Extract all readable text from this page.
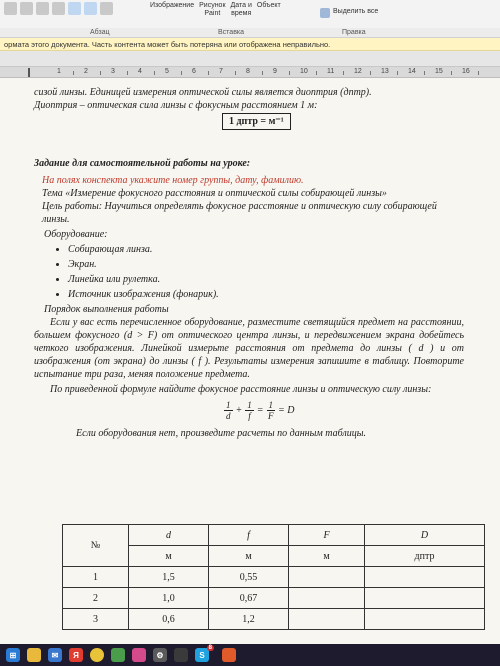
Изображение Рисунок
Paint
Дата и
время
Объект
Выделить все
Абзац	Вставка	Правка
ормата этого документа. Часть контента может быть потеряна или отображена неправильно.
1	2	3	4	5	6	7	8	9	10	11	12	13	14	15	16

сизой линзы. Единицей измерения оптической силы является диоптрия (дптр).

Диоптрия – оптическая сила линзы с фокусным расстоянием 1 м:

1 дптр = м⁻¹

Задание для самостоятельной работы на уроке:

На полях конспекта укажите номер группы, дату, фамилию.

Тема «Измерение фокусного расстояния и оптической силы собирающей линзы»

Цель работы: Научиться определять фокусное расстояние и оптическую силу собирающей линзы.

Оборудование:

• Собирающая линза.
• Экран.
• Линейка или рулетка.
• Источник изображения (фонарик).

Порядок выполнения работы

Если у вас есть перечисленное оборудование, разместите светящийся предмет на расстоянии, большем фокусного (d > F) от оптического центра линзы, и передвижением экрана добейтесь четкого изображения. Линейкой измерьте расстояния от предмета до линзы ( d ) и от изображения (от экрана) до линзы ( f ). Результаты измерения запишите в таблицу. Повторите испытание три раза, меняя положение предмета.

По приведенной формуле найдите фокусное расстояние линзы и оптическую силу линзы:

$\frac{1}{d} + \frac{1}{f} = \frac{1}{F} = D$

Если оборудования нет, произведите расчеты по данным таблицы.

№	d	f	F	D
	м	м	м	дптр
1	1,5	0,55		
2	1,0	0,67		
3	0,6	1,2		
⊞	✉	Я	⚙	S
8
